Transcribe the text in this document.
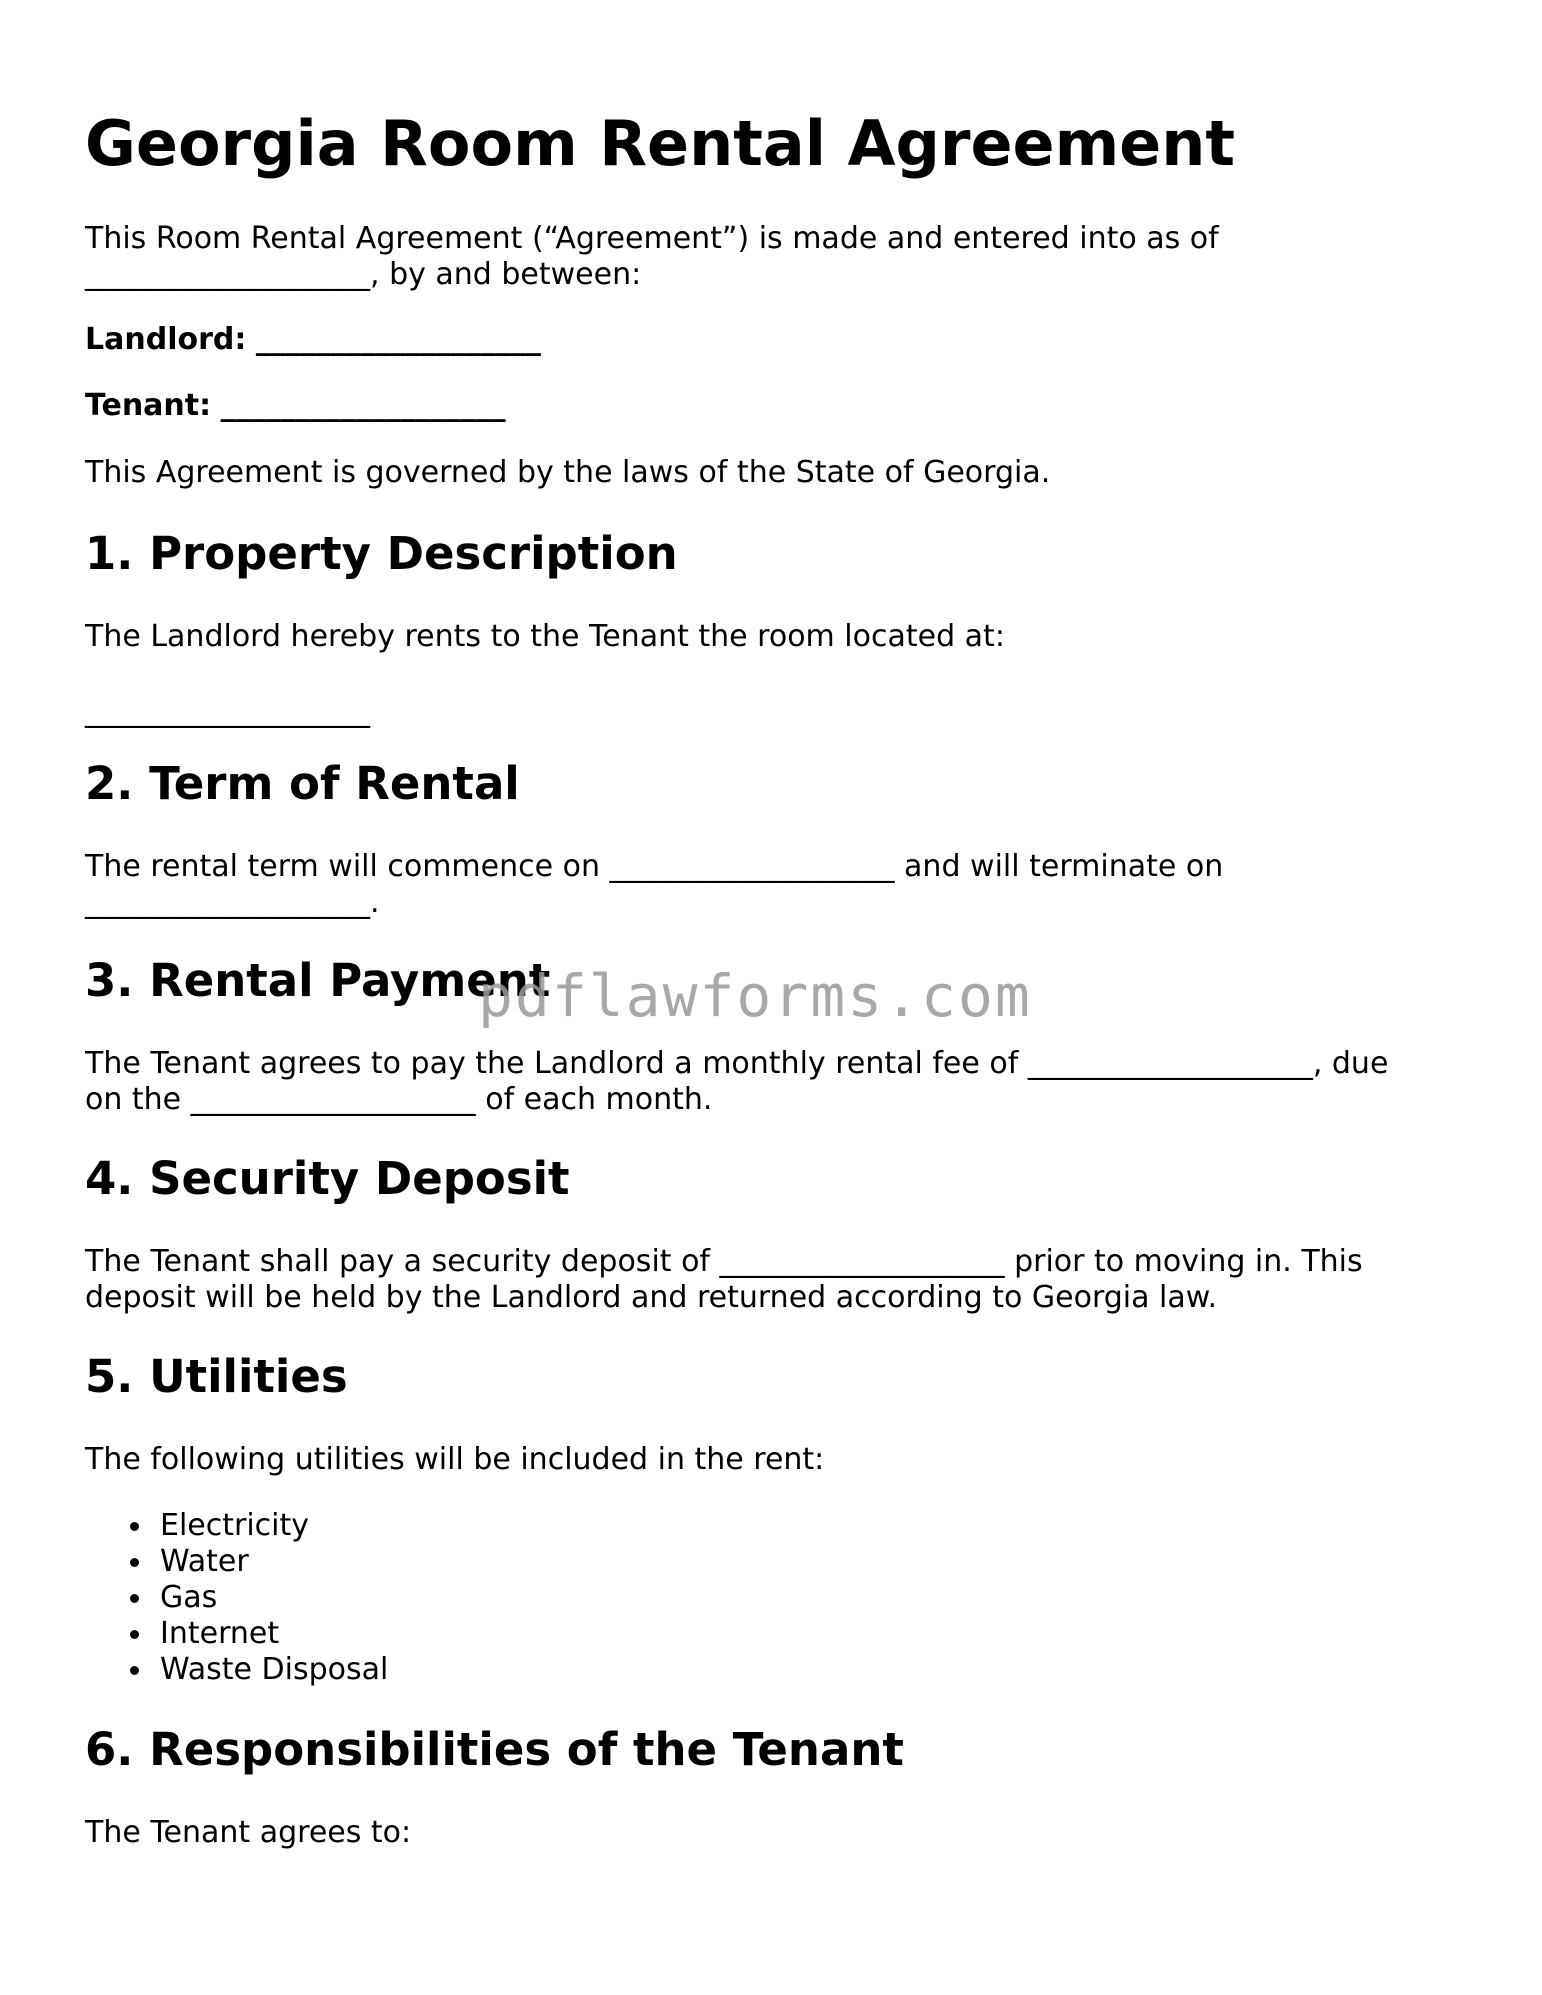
Georgia Room Rental Agreement

This Room Rental Agreement (“Agreement”) is made and entered into as of

___________________, by and between:

Landlord: ___________________

Tenant: ___________________

This Agreement is governed by the laws of the State of Georgia.

1. Property Description

The Landlord hereby rents to the Tenant the room located at:

___________________

2. Term of Rental

The rental term will commence on ___________________ and will terminate on

___________________.

3. Rental Payment

The Tenant agrees to pay the Landlord a monthly rental fee of ___________________, due

on the ___________________ of each month.

4. Security Deposit

The Tenant shall pay a security deposit of ___________________ prior to moving in. This

deposit will be held by the Landlord and returned according to Georgia law.

5. Utilities

The following utilities will be included in the rent:

Electricity
Water
Gas
Internet
Waste Disposal
6. Responsibilities of the Tenant

The Tenant agrees to:

pdflawforms.com
